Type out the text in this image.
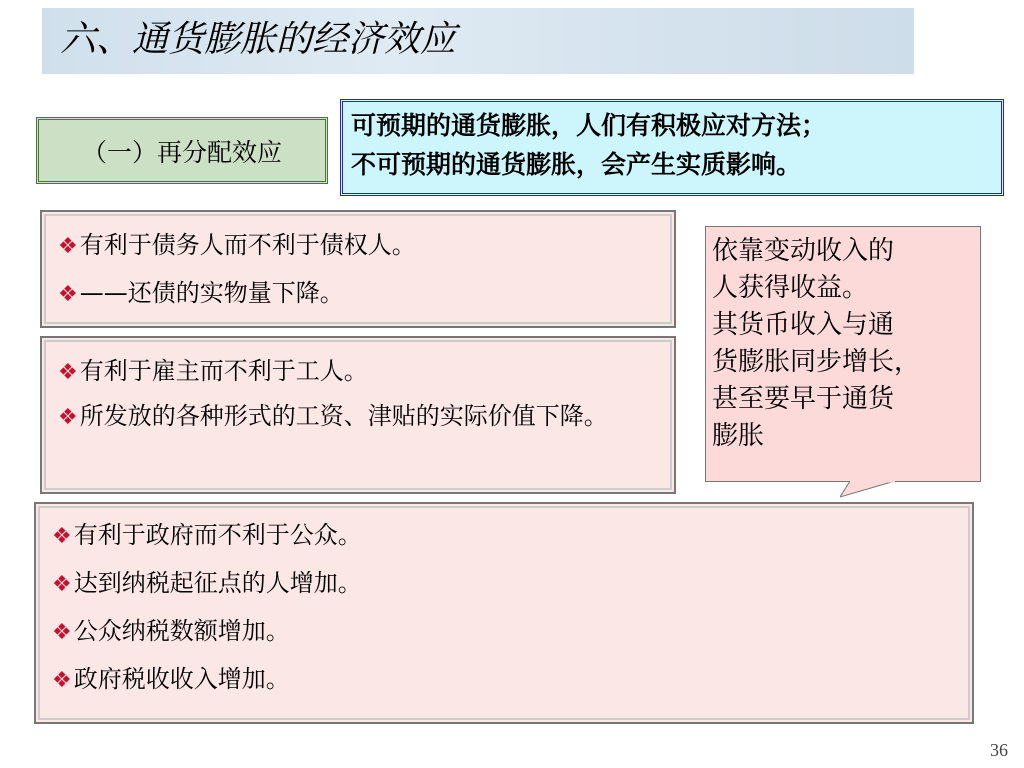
六、通货膨胀的经济效应
（一）再分配效应
可预期的通货膨胀，人们有积极应对方法；
不可预期的通货膨胀，会产生实质影响。
❖有利于债务人而不利于债权人。
❖——还债的实物量下降。
❖有利于雇主而不利于工人。
❖所发放的各种形式的工资、津贴的实际价值下降。
依靠变动收入的
人获得收益。
其货币收入与通
货膨胀同步增长，
甚至要早于通货
膨胀
❖有利于政府而不利于公众。
❖达到纳税起征点的人增加。
❖公众纳税数额增加。
❖政府税收收入增加。
36
